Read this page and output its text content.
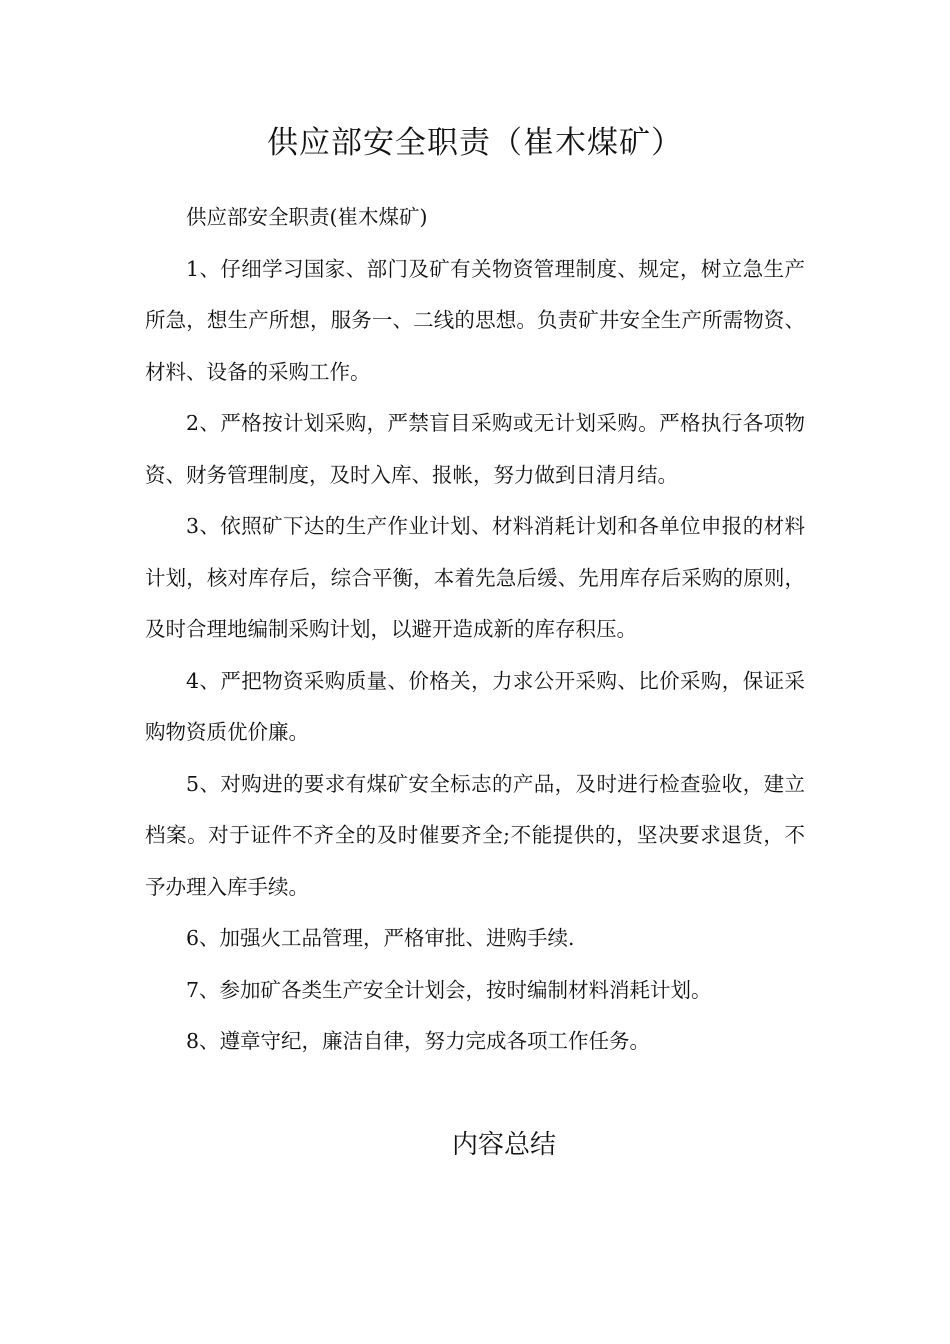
供应部安全职责（崔木煤矿）

供应部安全职责(崔木煤矿)

1、仔细学习国家、部门及矿有关物资管理制度、规定，树立急生产所急，想生产所想，服务一、二线的思想。负责矿井安全生产所需物资、材料、设备的采购工作。

2、严格按计划采购，严禁盲目采购或无计划采购。严格执行各项物资、财务管理制度，及时入库、报帐，努力做到日清月结。

3、依照矿下达的生产作业计划、材料消耗计划和各单位申报的材料计划，核对库存后，综合平衡，本着先急后缓、先用库存后采购的原则，及时合理地编制采购计划，以避开造成新的库存积压。

4、严把物资采购质量、价格关，力求公开采购、比价采购，保证采购物资质优价廉。

5、对购进的要求有煤矿安全标志的产品，及时进行检查验收，建立档案。对于证件不齐全的及时催要齐全;不能提供的，坚决要求退货，不予办理入库手续。

6、加强火工品管理，严格审批、进购手续.

7、参加矿各类生产安全计划会，按时编制材料消耗计划。

8、遵章守纪，廉洁自律，努力完成各项工作任务。

内容总结
